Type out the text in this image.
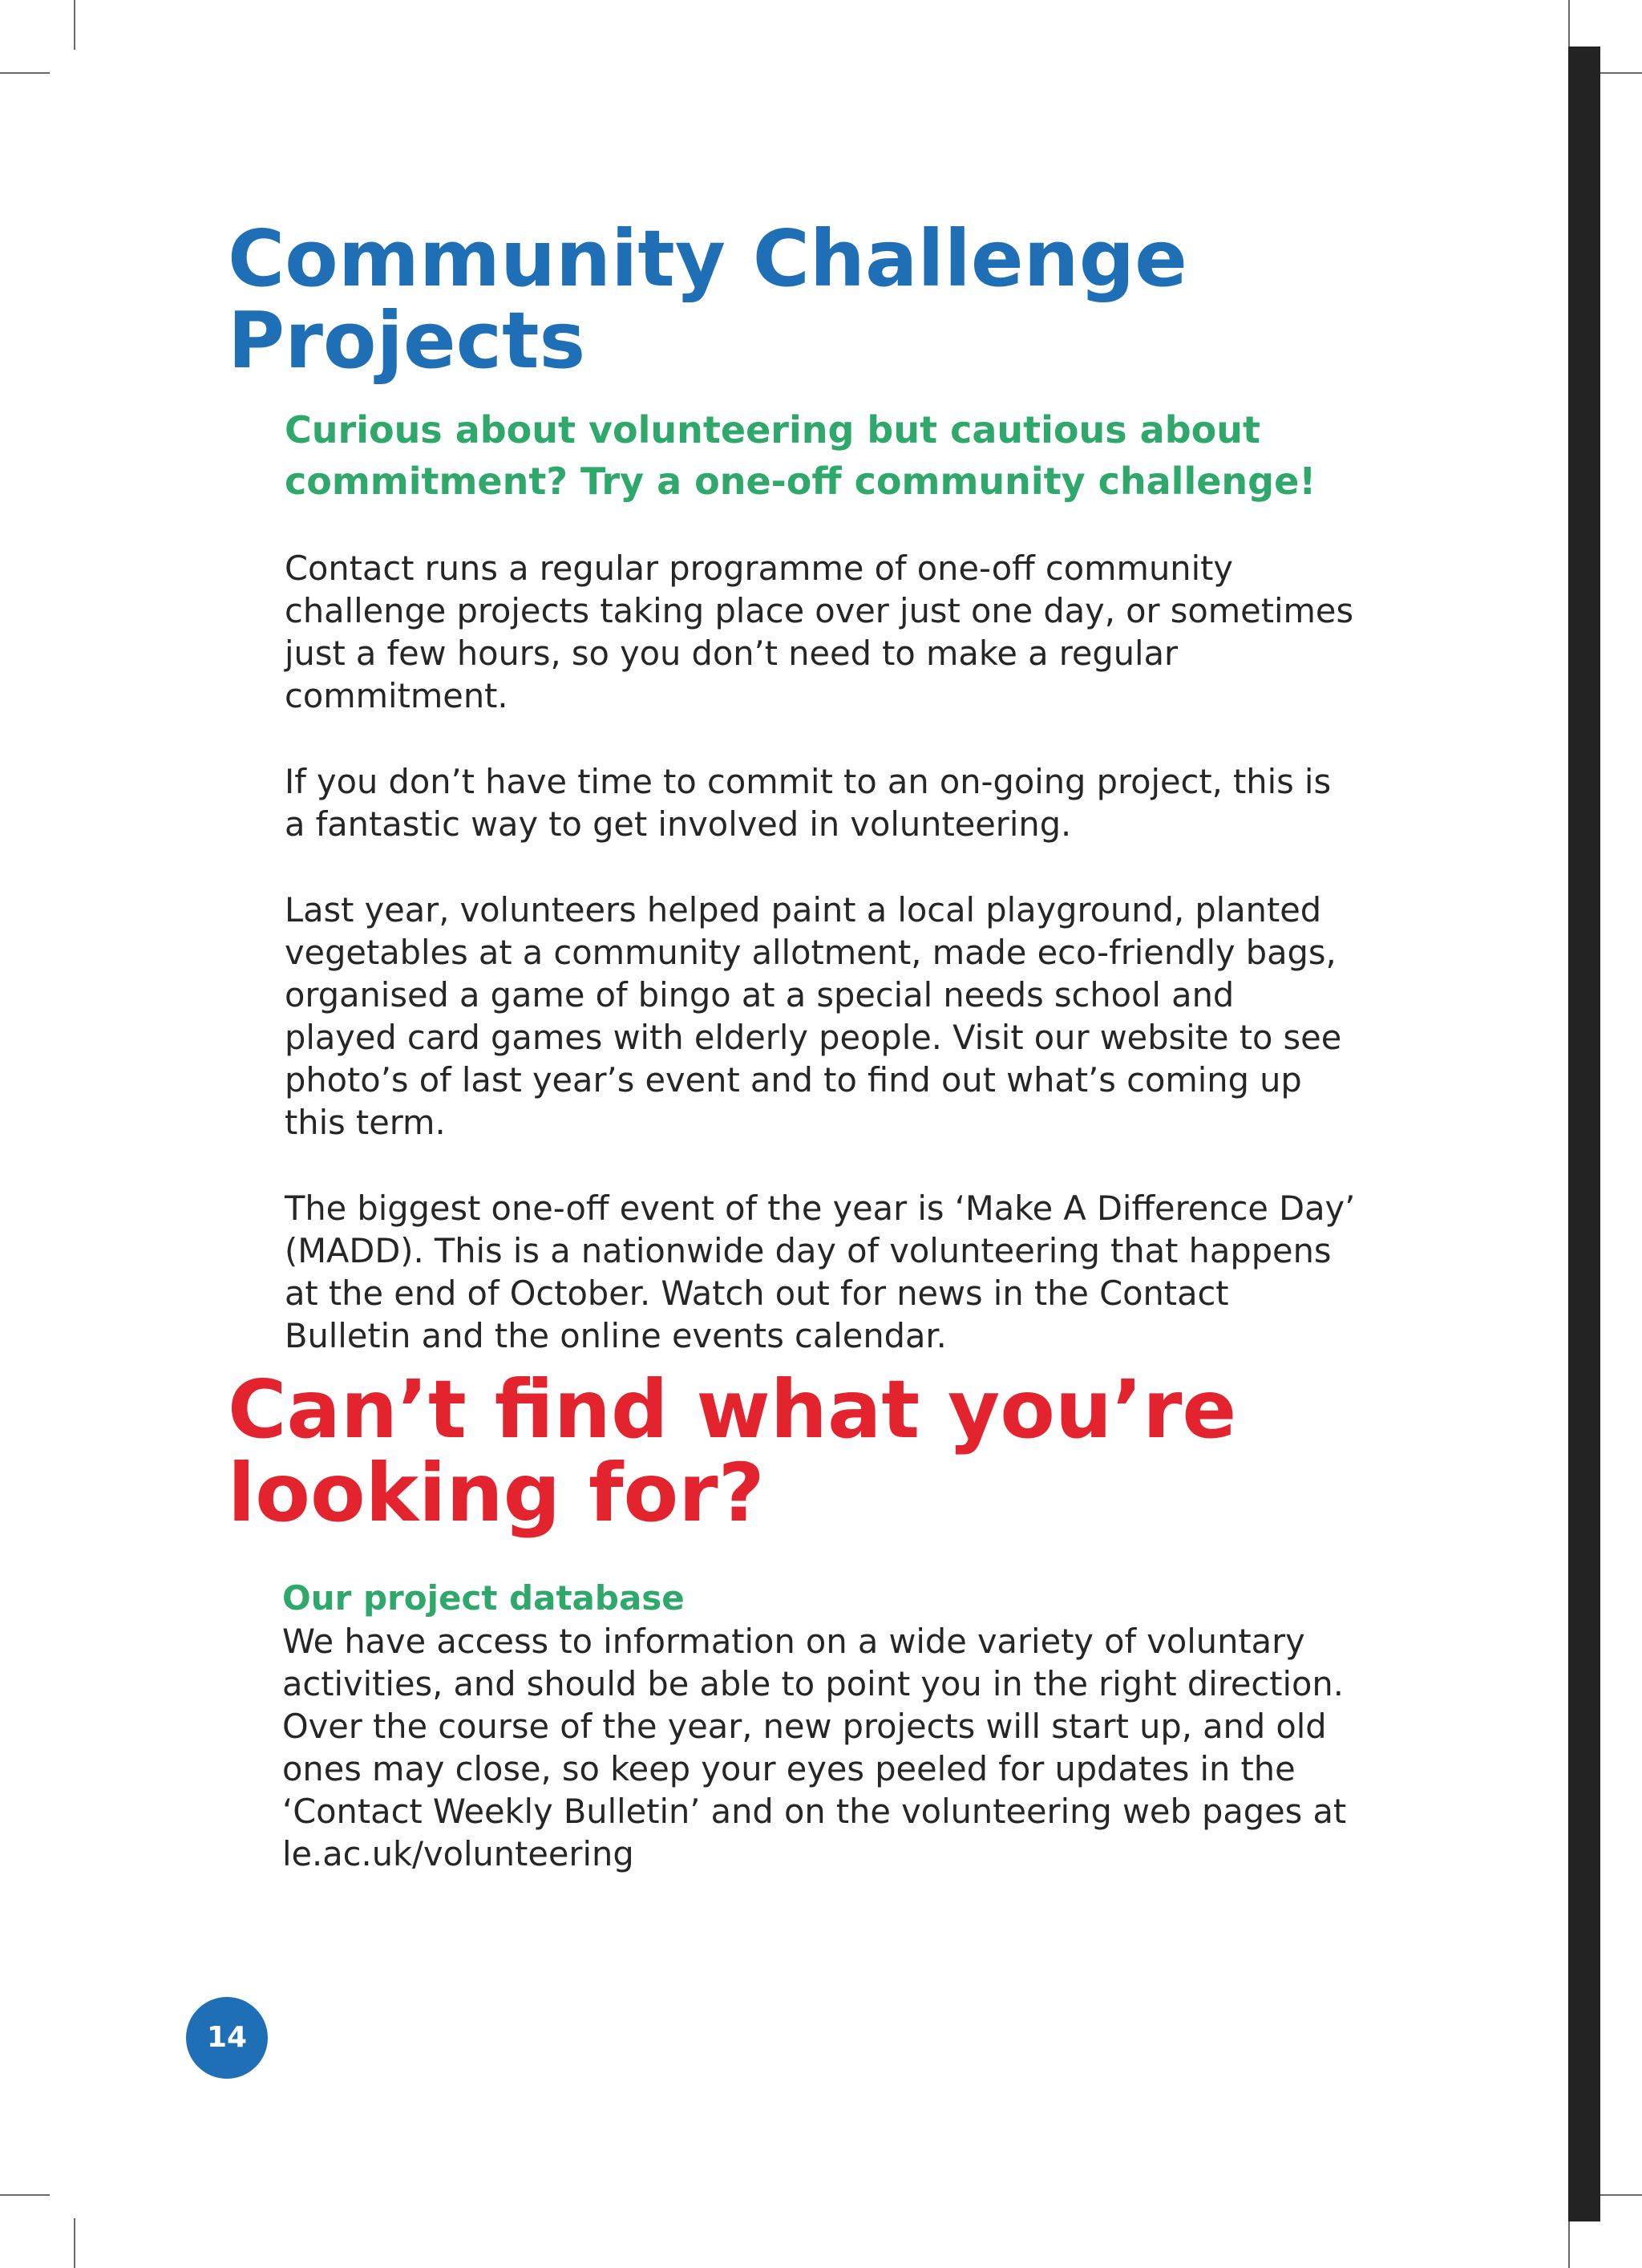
Community Challenge Projects
Curious about volunteering but cautious about commitment? Try a one-off community challenge!

Contact runs a regular programme of one-off community
challenge projects taking place over just one day, or sometimes
just a few hours, so you don’t need to make a regular
commitment.

If you don’t have time to commit to an on-going project, this is
a fantastic way to get involved in volunteering.

Last year, volunteers helped paint a local playground, planted
vegetables at a community allotment, made eco-friendly bags,
organised a game of bingo at a special needs school and
played card games with elderly people. Visit our website to see
photo’s of last year’s event and to find out what’s coming up
this term.

The biggest one-off event of the year is ‘Make A Difference Day’
(MADD). This is a nationwide day of volunteering that happens
at the end of October. Watch out for news in the Contact
Bulletin and the online events calendar.

Can’t find what you’re looking for?
Our project database

We have access to information on a wide variety of voluntary
activities, and should be able to point you in the right direction.
Over the course of the year, new projects will start up, and old
ones may close, so keep your eyes peeled for updates in the
‘Contact Weekly Bulletin’ and on the volunteering web pages at
le.ac.uk/volunteering

14
